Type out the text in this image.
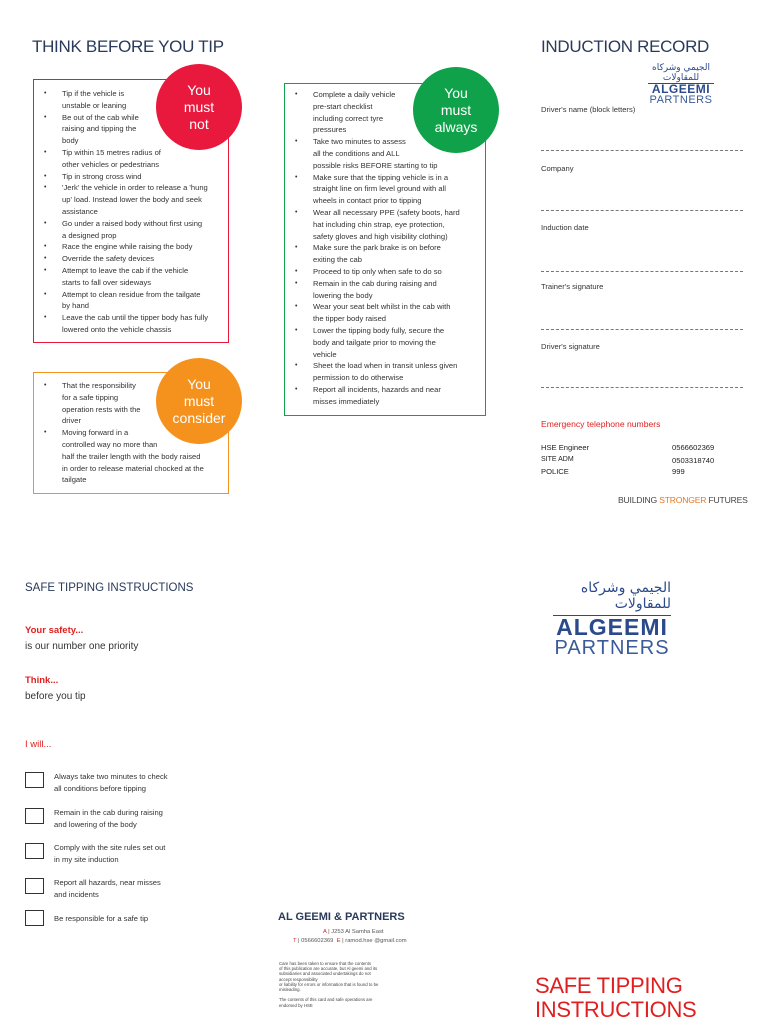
THINK BEFORE YOU TIP
• Tip if the vehicle is
unstable or leaning
• Be out of the cab while
raising and tipping the
body
• Tip within 15 metres radius of
other vehicles or pedestrians
• Tip in strong cross wind
• 'Jerk' the vehicle in order to release a 'hung
up' load. Instead lower the body and seek
assistance
• Go under a raised body without first using
a designed prop
• Race the engine while raising the body
• Override the safety devices
• Attempt to leave the cab if the vehicle
starts to fall over sideways
• Attempt to clean residue from the tailgate
by hand
• Leave the cab until the tipper body has fully
lowered onto the vehicle chassis
You
must
not
• That the responsibility
for a safe tipping
operation rests with the
driver
• Moving forward in a
controlled way no more than
half the trailer length with the body raised
in order to release material chocked at the
tailgate
You
must
consider
• Complete a daily vehicle
pre-start checklist
including correct tyre
pressures
• Take two minutes to assess
all the conditions and ALL
possible risks BEFORE starting to tip
• Make sure that the tipping vehicle is in a
straight line on firm level ground with all
wheels in contact prior to tipping
• Wear all necessary PPE (safety boots, hard
hat including chin strap, eye protection,
safety gloves and high visibility clothing)
• Make sure the park brake is on before
exiting the cab
• Proceed to tip only when safe to do so
• Remain in the cab during raising and
lowering the body
• Wear your seat belt whilst in the cab with
the tipper body raised
• Lower the tipping body fully, secure the
body and tailgate prior to moving the
vehicle
• Sheet the load when in transit unless given
permission to do otherwise
• Report all incidents, hazards and near
misses immediately
You
must
always
INDUCTION RECORD
الجيمي وشركاه للمقاولات
ALGEEMI
PARTNERS
Driver's name (block letters)
Company
Induction date
Trainer's signature
Driver's signature
Emergency telephone numbers
HSE Engineer	0566602369
SITE ADM	0503318740
POLICE	999
BUILDING STRONGER FUTURES
SAFE TIPPING INSTRUCTIONS
Your safety...
is our number one priority
Think...
before you tip
I will...
Always take two minutes to check
all conditions before tipping
Remain in the cab during raising
and lowering of the body
Comply with the site rules set out
in my site induction
Report all hazards, near misses
and incidents
Be responsible for a safe tip	AL GEEMI & PARTNERS
A | J253 Al Samha East
T | 0566602369 E | ramod.hse @gmail.com
Care has been taken to ensure that the contents
of this publication are accurate, but Al geemi and its
subsidiaries and associated undertakings do not
accept responsibility
or liability for errors or information that is found to be
misleading.
The contents of this card and safe operations are
endorsed by HSE
الجيمي وشركاه للمقاولات
ALGEEMI
PARTNERS
SAFE TIPPING
INSTRUCTIONS
